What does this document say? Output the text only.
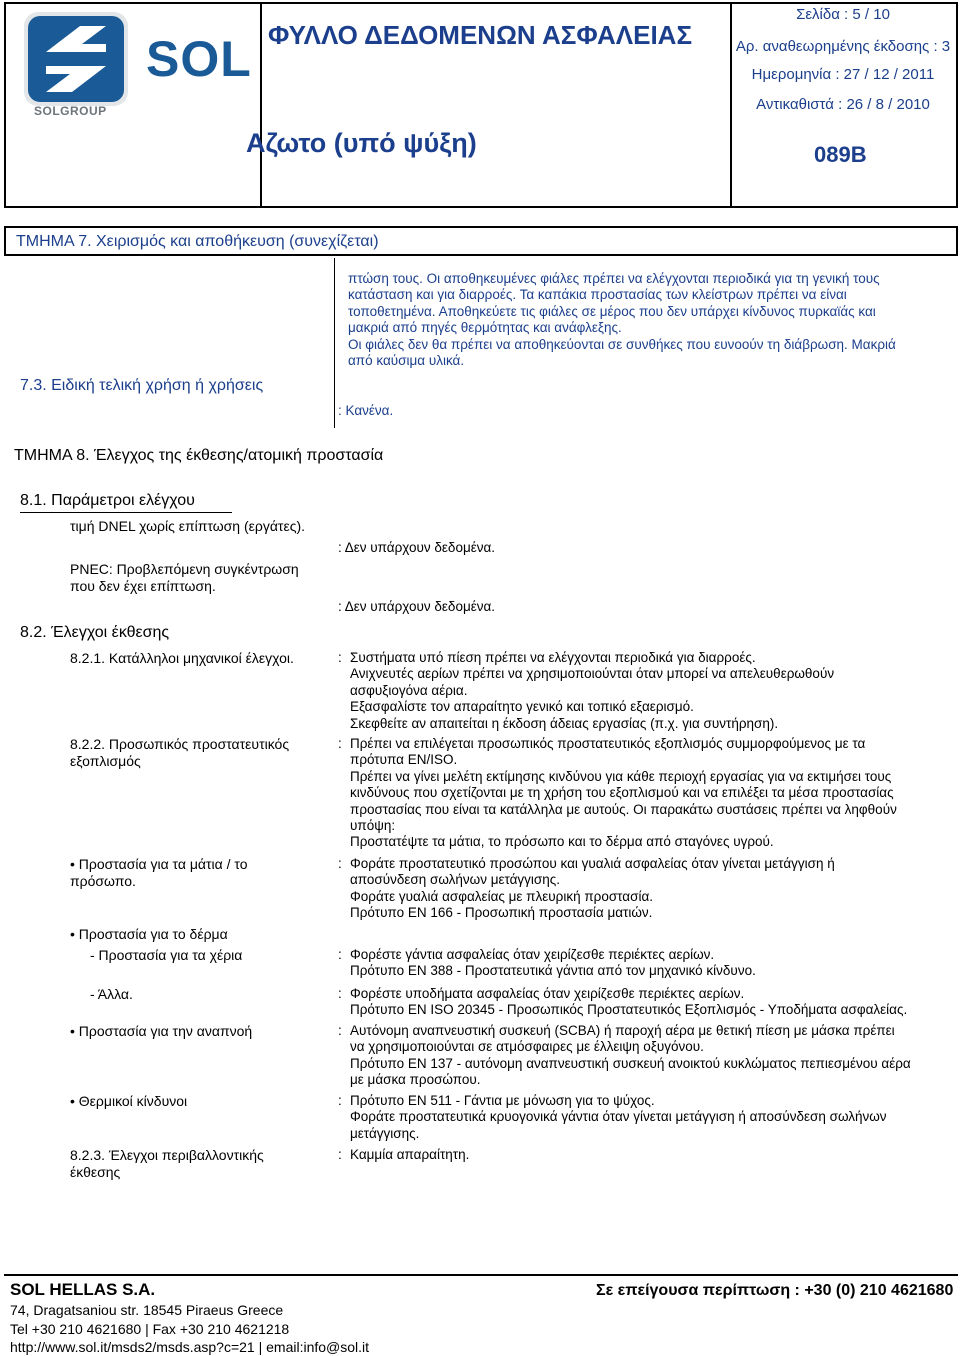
SOL
SOLGROUP
ΦΥΛΛΟ ΔΕΔΟΜΕΝΩΝ ΑΣΦΑΛΕΙΑΣ
Αζωτο (υπό ψύξη)
Σελίδα : 5 / 10
Αρ. αναθεωρημένης έκδοσης : 3
Ημερομηνία : 27 / 12 / 2011
Αντικαθιστά : 26 / 8 / 2010
089B
ΤΜΗΜΑ 7. Χειρισμός και αποθήκευση (συνεχίζεται)
πτώση τους. Οι αποθηκευμένες φιάλες πρέπει να ελέγχονται περιοδικά για τη γενική τους
κατάσταση και για διαρροές. Τα καπάκια προστασίας των κλείστρων πρέπει να είναι
τοποθετημένα. Αποθηκεύετε τις φιάλες σε μέρος που δεν υπάρχει κίνδυνος πυρκαϊάς και
μακριά από πηγές θερμότητας και ανάφλεξης.
Οι φιάλες δεν θα πρέπει να αποθηκεύονται σε συνθήκες που ευνοούν τη διάβρωση. Μακριά
από καύσιμα υλικά.
7.3. Ειδική τελική χρήση ή χρήσεις
: Κανένα.
ΤΜΗΜΑ 8. Έλεγχος της έκθεσης/ατομική προστασία
8.1. Παράμετροι ελέγχου
τιμή DNEL χωρίς επίπτωση (εργάτες).
: Δεν υπάρχουν δεδομένα.
PNEC: Προβλεπόμενη συγκέντρωση
που δεν έχει επίπτωση.
: Δεν υπάρχουν δεδομένα.
8.2. Έλεγχοι έκθεσης
8.2.1. Κατάλληλοι μηχανικοί έλεγχοι.	: Συστήματα υπό πίεση πρέπει να ελέγχονται περιοδικά για διαρροές.
Ανιχνευτές αερίων πρέπει να χρησιμοποιούνται όταν μπορεί να απελευθερωθούν
ασφυξιογόνα αέρια.
Εξασφαλίστε τον απαραίτητο γενικό και τοπικό εξαερισμό.
Σκεφθείτε αν απαιτείται η έκδοση άδειας εργασίας (π.χ. για συντήρηση).
8.2.2. Προσωπικός προστατευτικός
εξοπλισμός
: Πρέπει να επιλέγεται προσωπικός προστατευτικός εξοπλισμός συμμορφούμενος με τα
πρότυπα EN/ISO.
Πρέπει να γίνει μελέτη εκτίμησης κινδύνου για κάθε περιοχή εργασίας για να εκτιμήσει τους
κινδύνους που σχετίζονται με τη χρήση του εξοπλισμού και να επιλέξει τα μέσα προστασίας
προστασίας που είναι τα κατάλληλα με αυτούς. Οι παρακάτω συστάσεις πρέπει να ληφθούν
υπόψη:
Προστατέψτε τα μάτια, το πρόσωπο και το δέρμα από σταγόνες υγρού.
• Προστασία για τα μάτια / το
πρόσωπο.
: Φοράτε προστατευτικό προσώπου και γυαλιά ασφαλείας όταν γίνεται μετάγγιση ή
αποσύνδεση σωλήνων μετάγγισης.
Φοράτε γυαλιά ασφαλείας με πλευρική προστασία.
Πρότυπο EN 166 - Προσωπική προστασία ματιών.
• Προστασία για το δέρμα
- Προστασία για τα χέρια	: Φορέστε γάντια ασφαλείας όταν χειρίζεσθε περιέκτες αερίων.
Πρότυπο EN 388 - Προστατευτικά γάντια από τον μηχανικό κίνδυνο.
- Άλλα.	: Φορέστε υποδήματα ασφαλείας όταν χειρίζεσθε περιέκτες αερίων.
Πρότυπο EN ISO 20345 - Προσωπικός Προστατευτικός Εξοπλισμός - Υποδήματα ασφαλείας.
• Προστασία για την αναπνοή	: Αυτόνομη αναπνευστική συσκευή (SCBA) ή παροχή αέρα με θετική πίεση με μάσκα πρέπει
να χρησιμοποιούνται σε ατμόσφαιρες με έλλειψη οξυγόνου.
Πρότυπο EN 137 - αυτόνομη αναπνευστική συσκευή ανοικτού κυκλώματος πεπιεσμένου αέρα
με μάσκα προσώπου.
• Θερμικοί κίνδυνοι	: Πρότυπο EN 511 - Γάντια με μόνωση για το ψύχος.
Φοράτε προστατευτικά κρυογονικά γάντια όταν γίνεται μετάγγιση ή αποσύνδεση σωλήνων
μετάγγισης.
8.2.3. Έλεγχοι περιβαλλοντικής
έκθεσης
: Καμμία απαραίτητη.
SOL HELLAS S.A.
74, Dragatsaniou str. 18545 Piraeus Greece
Tel +30 210 4621680 | Fax +30 210 4621218
http://www.sol.it/msds2/msds.asp?c=21 | email:info@sol.it
Σε επείγουσα περίπτωση : +30 (0) 210 4621680
